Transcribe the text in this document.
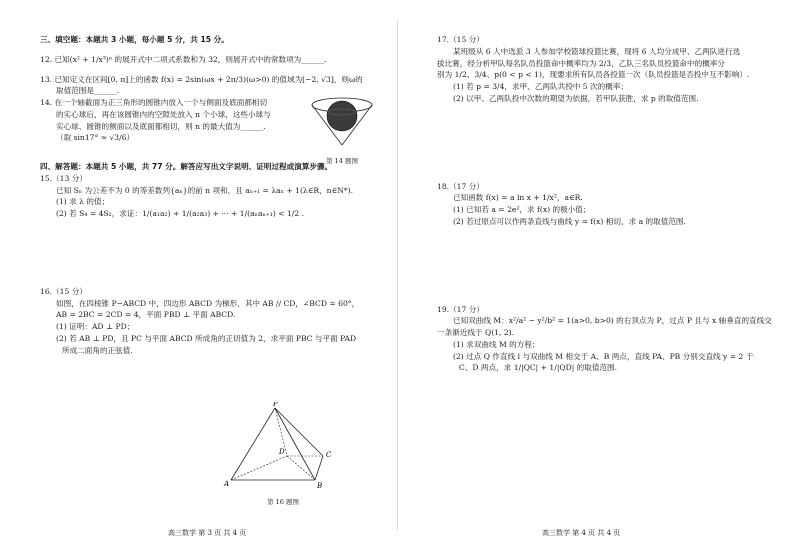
三、填空题：本题共 3 小题，每小题 5 分，共 15 分。
12. 已知(x² + 1/x³)ⁿ 的展开式中二项式系数和为 32，则展开式中的常数项为______.
13. 已知定义在区间[0, π]上的函数 f(x) = 2sin(ωx + 2π/3)(ω>0) 的值域为[−2, √3]，则ω的
取值范围是______.
14. 在一个轴截面为正三角形的圆锥内放入一个与侧面及底面都相切
的实心球后，再在该圆锥内的空隙处放入 n 个小球，这些小球与
实心球、圆锥的侧面以及底面都相切，则 n 的最大值为______.
（取 sin17° ≈ √3/6）
第 14 题图
四、解答题：本题共 5 小题，共 77 分。解答应写出文字说明、证明过程或演算步骤。
15.（13 分）
已知 Sₙ 为公差不为 0 的等差数列{aₙ}的前 n 项和，且 aₙ₊₁ = λaₙ + 1(λ∈R，n∈N*).
(1) 求 λ 的值；
(2) 若 S₄ = 4S₂，求证：1/(a₁a₂) + 1/(a₂a₃) + ··· + 1/(aₙaₙ₊₁) < 1/2 .
16.（15 分）
如图，在四棱锥 P−ABCD 中，四边形 ABCD 为梯形，其中 AB // CD，∠BCD = 60°，
AB = 2BC = 2CD = 4，平面 PBD ⊥ 平面 ABCD.
(1) 证明：AD ⊥ PD；
(2) 若 AB ⊥ PD，且 PC 与平面 ABCD 所成角的正切值为 2，求平面 PBC 与平面 PAD
所成二面角的正弦值.
P
A	B
C
D
第 16 题图
高三数学 第 3 页 共 4 页
17.（15 分）
某班级从 6 人中选派 3 人参加学校篮球投篮比赛，现将 6 人均分成甲、乙两队进行选
拔比赛，经分析甲队每名队员投篮命中概率均为 2/3，乙队三名队员投篮命中的概率分
别为 1/2、3/4、p(0 < p < 1)，现要求所有队员各投篮一次（队员投篮是否投中互不影响）.
(1) 若 p = 3/4，求甲、乙两队共投中 5 次的概率；
(2) 以甲、乙两队投中次数的期望为依据，若甲队获胜，求 p 的取值范围.
18.（17 分）
已知函数 f(x) = a ln x + 1/x²，a∈R.
(1) 已知若 a = 2e²，求 f(x) 的极小值；
(2) 若过原点可以作两条直线与曲线 y = f(x) 相切，求 a 的取值范围.
19.（17 分）
已知双曲线 M：x²/a² − y²/b² = 1(a>0, b>0) 的右顶点为 P，过点 P 且与 x 轴垂直的直线交
一条渐近线于 Q(1, 2).
(1) 求双曲线 M 的方程；
(2) 过点 Q 作直线 l 与双曲线 M 相交于 A、B 两点，直线 PA、PB 分别交直线 y = 2 于
C、D 两点，求 1/|QC| + 1/|QD| 的取值范围.
高三数学 第 4 页 共 4 页
